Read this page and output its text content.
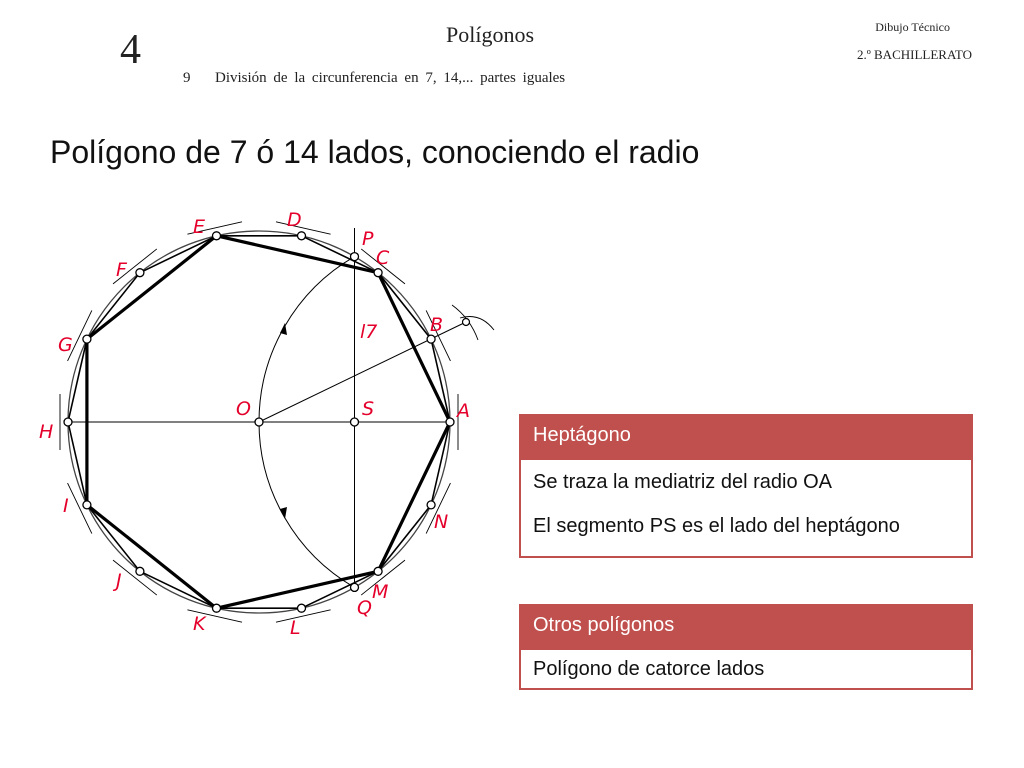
4	Polígonos
9 División de la circunferencia en 7, 14,... partes iguales
Dibujo Técnico
2.º BACHILLERATO
Polígono de 7 ó 14 lados, conociendo el radio
A
B
C
D
E
F
G
H
I
J
K	L
M
N
O
P
Q
S
l7
Heptágono
Se traza la mediatriz del radio OA
El segmento PS es el lado del heptágono
Otros polígonos
Polígono de catorce lados
